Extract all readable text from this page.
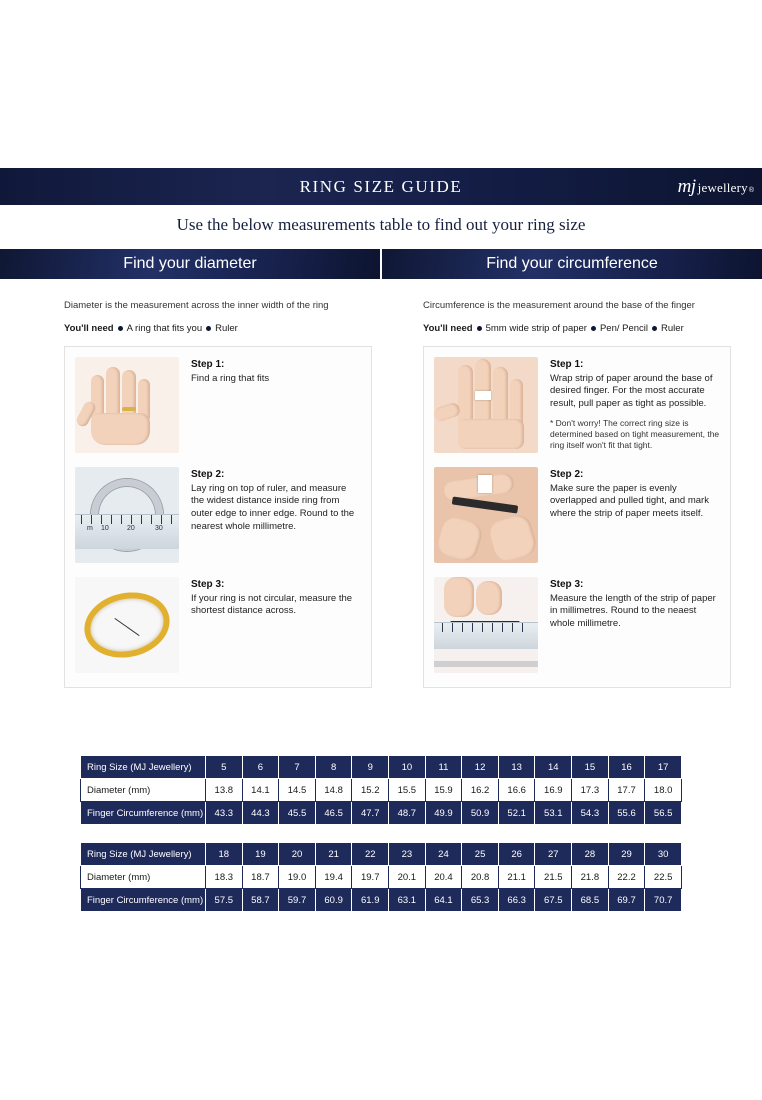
RING SIZE GUIDE	mj jewellery ®
Use the below measurements table to find out your ring size
Find your diameter	Find your circumference

Diameter is the measurement across the inner width of the ring

You'll need A ring that fits you Ruler

Step 1:

Find a ring that fits

m 10	20	30

Step 2:

Lay ring on top of ruler, and measure the widest distance inside ring from outer edge to inner edge. Round to the nearest whole millimetre.

Step 3:

If your ring is not circular, measure the shortest distance across.

Circumference is the measurement around the base of the finger

You'll need 5mm wide strip of paper Pen/ Pencil Ruler

Step 1:

Wrap strip of paper around the base of desired finger. For the most accurate result, pull paper as tight as possible.

* Don't worry! The correct ring size is determined based on tight measurement, the ring itself won't fit that tight.

Step 2:

Make sure the paper is evenly overlapped and pulled tight, and mark where the strip of paper meets itself.

Step 3:

Measure the length of the strip of paper in millimetres. Round to the neaest whole millimetre.

Ring Size (MJ Jewellery)	5	6	7	8	9	10	11	12	13	14	15	16	17
Diameter (mm)	13.8	14.1	14.5	14.8	15.2	15.5	15.9	16.2	16.6	16.9	17.3	17.7	18.0
Finger Circumference (mm)	43.3	44.3	45.5	46.5	47.7	48.7	49.9	50.9	52.1	53.1	54.3	55.6	56.5
Ring Size (MJ Jewellery)	18	19	20	21	22	23	24	25	26	27	28	29	30
Diameter (mm)	18.3	18.7	19.0	19.4	19.7	20.1	20.4	20.8	21.1	21.5	21.8	22.2	22.5
Finger Circumference (mm)	57.5	58.7	59.7	60.9	61.9	63.1	64.1	65.3	66.3	67.5	68.5	69.7	70.7
